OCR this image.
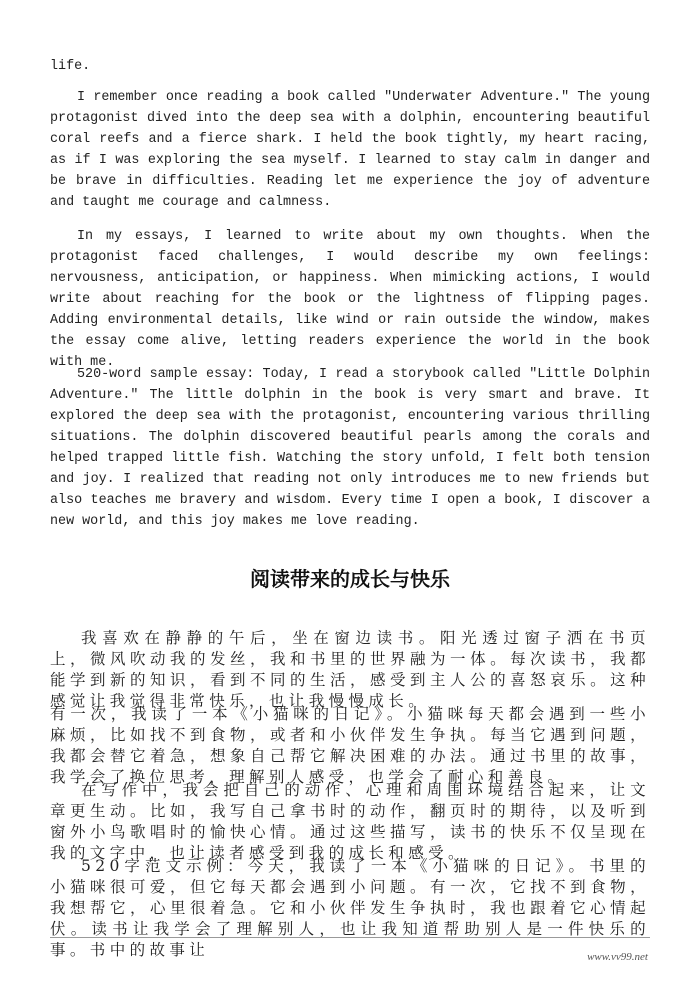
life.

I remember once reading a book called "Underwater Adventure." The young protagonist dived into the deep sea with a dolphin, encountering beautiful coral reefs and a fierce shark. I held the book tightly, my heart racing, as if I was exploring the sea myself. I learned to stay calm in danger and be brave in difficulties. Reading let me experience the joy of adventure and taught me courage and calmness.

In my essays, I learned to write about my own thoughts. When the protagonist faced challenges, I would describe my own feelings: nervousness, anticipation, or happiness. When mimicking actions, I would write about reaching for the book or the lightness of flipping pages. Adding environmental details, like wind or rain outside the window, makes the essay come alive, letting readers experience the world in the book with me.

520-word sample essay: Today, I read a storybook called "Little Dolphin Adventure." The little dolphin in the book is very smart and brave. It explored the deep sea with the protagonist, encountering various thrilling situations. The dolphin discovered beautiful pearls among the corals and helped trapped little fish. Watching the story unfold, I felt both tension and joy. I realized that reading not only introduces me to new friends but also teaches me bravery and wisdom. Every time I open a book, I discover a new world, and this joy makes me love reading.

阅读带来的成长与快乐

我喜欢在静静的午后，坐在窗边读书。阳光透过窗子洒在书页上，微风吹动我的发丝，我和书里的世界融为一体。每次读书，我都能学到新的知识，看到不同的生活，感受到主人公的喜怒哀乐。这种感觉让我觉得非常快乐，也让我慢慢成长。

有一次，我读了一本《小猫咪的日记》。小猫咪每天都会遇到一些小麻烦，比如找不到食物，或者和小伙伴发生争执。每当它遇到问题，我都会替它着急，想象自己帮它解决困难的办法。通过书里的故事，我学会了换位思考，理解别人感受，也学会了耐心和善良。

在写作中，我会把自己的动作、心理和周围环境结合起来，让文章更生动。比如，我写自己拿书时的动作，翻页时的期待，以及听到窗外小鸟歌唱时的愉快心情。通过这些描写，读书的快乐不仅呈现在我的文字中，也让读者感受到我的成长和感受。

520字范文示例：今天，我读了一本《小猫咪的日记》。书里的小猫咪很可爱，但它每天都会遇到小问题。有一次，它找不到食物，我想帮它，心里很着急。它和小伙伴发生争执时，我也跟着它心情起伏。读书让我学会了理解别人，也让我知道帮助别人是一件快乐的事。书中的故事让	www.vv99.net
